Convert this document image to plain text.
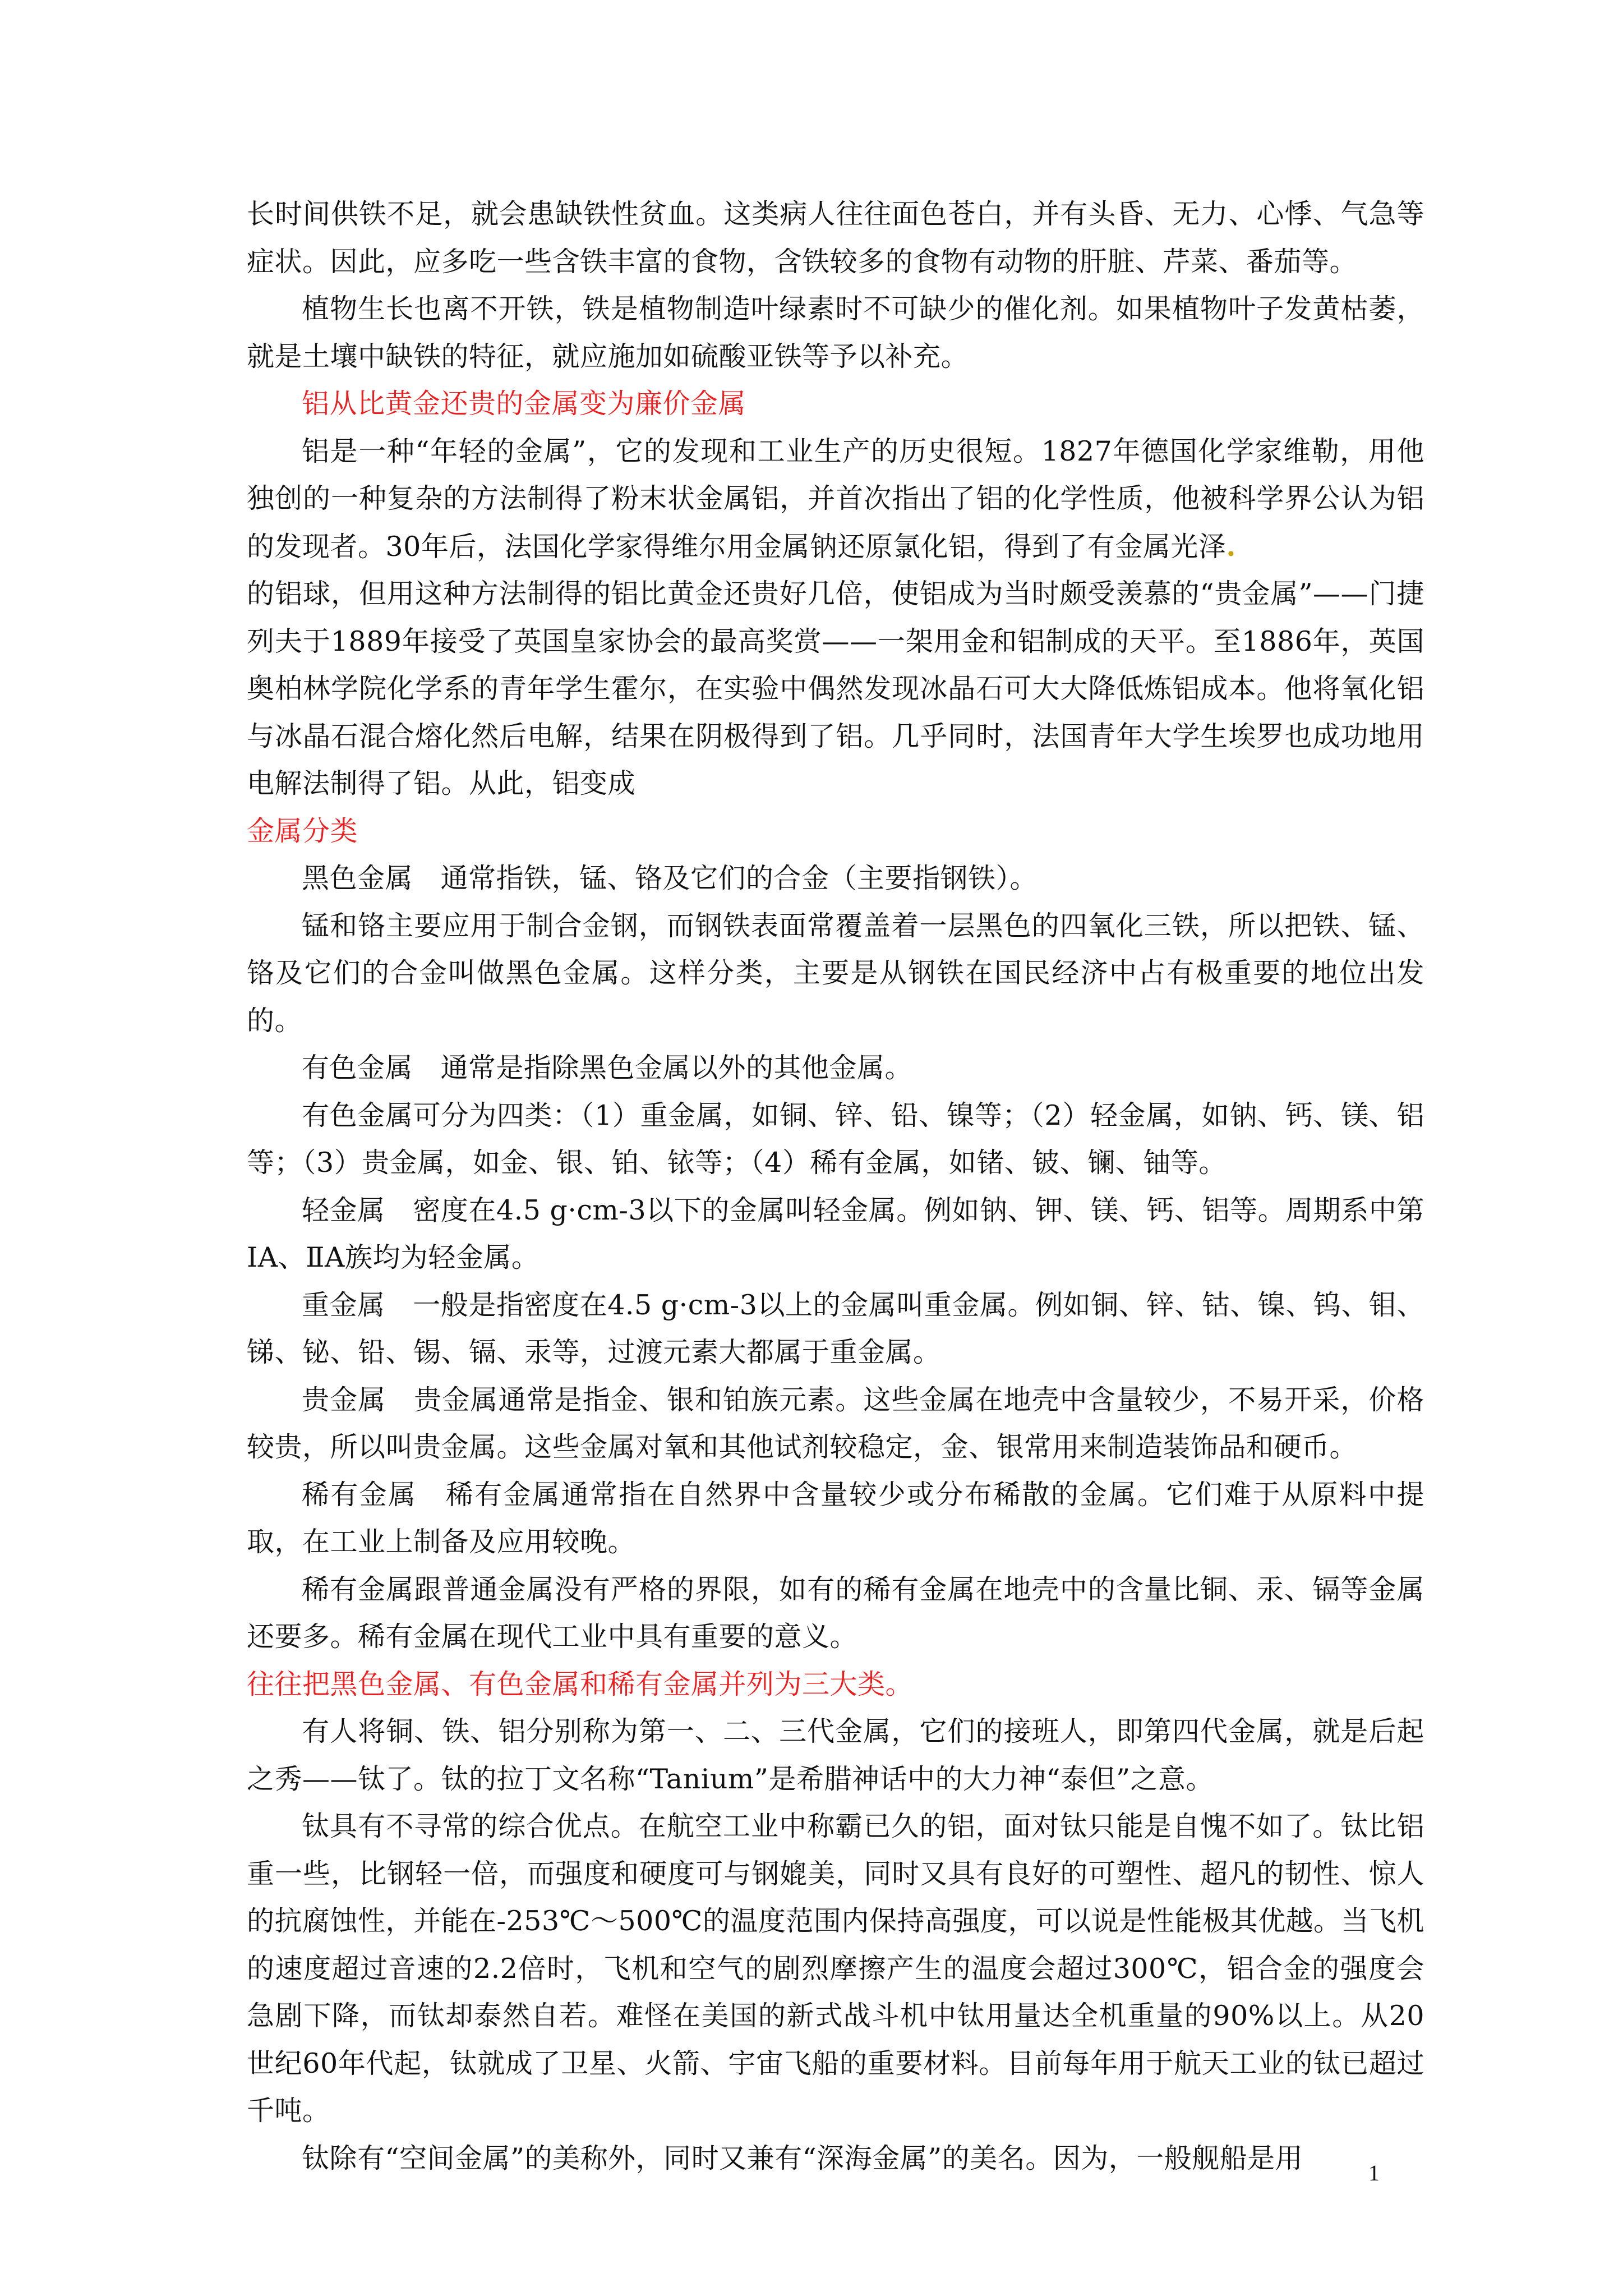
长时间供铁不足，就会患缺铁性贫血。这类病人往往面色苍白，并有头昏、无力、心悸、气急等症状。因此，应多吃一些含铁丰富的食物，含铁较多的食物有动物的肝脏、芹菜、番茄等。

植物生长也离不开铁，铁是植物制造叶绿素时不可缺少的催化剂。如果植物叶子发黄枯萎，就是土壤中缺铁的特征，就应施加如硫酸亚铁等予以补充。

铝从比黄金还贵的金属变为廉价金属

铝是一种“年轻的金属”，它的发现和工业生产的历史很短。1827年德国化学家维勒，用他独创的一种复杂的方法制得了粉末状金属铝，并首次指出了铝的化学性质，他被科学界公认为铝的发现者。30年后，法国化学家得维尔用金属钠还原氯化铝，得到了有金属光泽.

的铝球，但用这种方法制得的铝比黄金还贵好几倍，使铝成为当时颇受羡慕的“贵金属”——门捷列夫于1889年接受了英国皇家协会的最高奖赏——一架用金和铝制成的天平。至1886年，英国奥柏林学院化学系的青年学生霍尔，在实验中偶然发现冰晶石可大大降低炼铝成本。他将氧化铝与冰晶石混合熔化然后电解，结果在阴极得到了铝。几乎同时，法国青年大学生埃罗也成功地用电解法制得了铝。从此，铝变成

金属分类

黑色金属　通常指铁，锰、铬及它们的合金（主要指钢铁）。

锰和铬主要应用于制合金钢，而钢铁表面常覆盖着一层黑色的四氧化三铁，所以把铁、锰、铬及它们的合金叫做黑色金属。这样分类，主要是从钢铁在国民经济中占有极重要的地位出发的。

有色金属　通常是指除黑色金属以外的其他金属。

有色金属可分为四类：（1）重金属，如铜、锌、铅、镍等；（2）轻金属，如钠、钙、镁、铝等；（3）贵金属，如金、银、铂、铱等；（4）稀有金属，如锗、铍、镧、铀等。

轻金属　密度在4.5 g·cm-3以下的金属叫轻金属。例如钠、钾、镁、钙、铝等。周期系中第ⅠA、ⅡA族均为轻金属。

重金属　一般是指密度在4.5 g·cm-3以上的金属叫重金属。例如铜、锌、钴、镍、钨、钼、锑、铋、铅、锡、镉、汞等，过渡元素大都属于重金属。

贵金属　贵金属通常是指金、银和铂族元素。这些金属在地壳中含量较少，不易开采，价格较贵，所以叫贵金属。这些金属对氧和其他试剂较稳定，金、银常用来制造装饰品和硬币。

稀有金属　稀有金属通常指在自然界中含量较少或分布稀散的金属。它们难于从原料中提取，在工业上制备及应用较晚。

稀有金属跟普通金属没有严格的界限，如有的稀有金属在地壳中的含量比铜、汞、镉等金属还要多。稀有金属在现代工业中具有重要的意义。

往往把黑色金属、有色金属和稀有金属并列为三大类。

有人将铜、铁、铝分别称为第一、二、三代金属，它们的接班人，即第四代金属，就是后起之秀——钛了。钛的拉丁文名称“Tanium”是希腊神话中的大力神“泰但”之意。

钛具有不寻常的综合优点。在航空工业中称霸已久的铝，面对钛只能是自愧不如了。钛比铝重一些，比钢轻一倍，而强度和硬度可与钢媲美，同时又具有良好的可塑性、超凡的韧性、惊人的抗腐蚀性，并能在-253℃～500℃的温度范围内保持高强度，可以说是性能极其优越。当飞机的速度超过音速的2.2倍时，飞机和空气的剧烈摩擦产生的温度会超过300℃，铝合金的强度会急剧下降，而钛却泰然自若。难怪在美国的新式战斗机中钛用量达全机重量的90%以上。从20世纪60年代起，钛就成了卫星、火箭、宇宙飞船的重要材料。目前每年用于航天工业的钛已超过千吨。

钛除有“空间金属”的美称外，同时又兼有“深海金属”的美名。因为，一般舰船是用	1
